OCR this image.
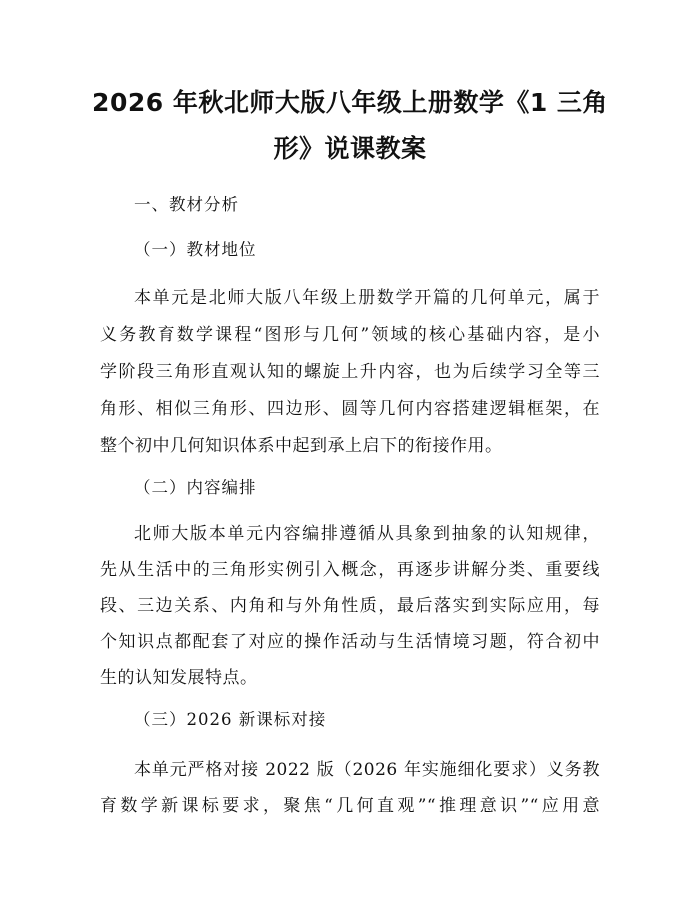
2026 年秋北师大版八年级上册数学《1 三角
形》说课教案

一、教材分析

（一）教材地位

本单元是北师大版八年级上册数学开篇的几何单元，属于
义务教育数学课程“图形与几何”领域的核心基础内容，是小
学阶段三角形直观认知的螺旋上升内容，也为后续学习全等三
角形、相似三角形、四边形、圆等几何内容搭建逻辑框架，在
整个初中几何知识体系中起到承上启下的衔接作用。

（二）内容编排

北师大版本单元内容编排遵循从具象到抽象的认知规律，
先从生活中的三角形实例引入概念，再逐步讲解分类、重要线
段、三边关系、内角和与外角性质，最后落实到实际应用，每
个知识点都配套了对应的操作活动与生活情境习题，符合初中
生的认知发展特点。

（三）2026 新课标对接

本单元严格对接 2022 版（2026 年实施细化要求）义务教
育数学新课标要求，聚焦“几何直观”“推理意识”“应用意
